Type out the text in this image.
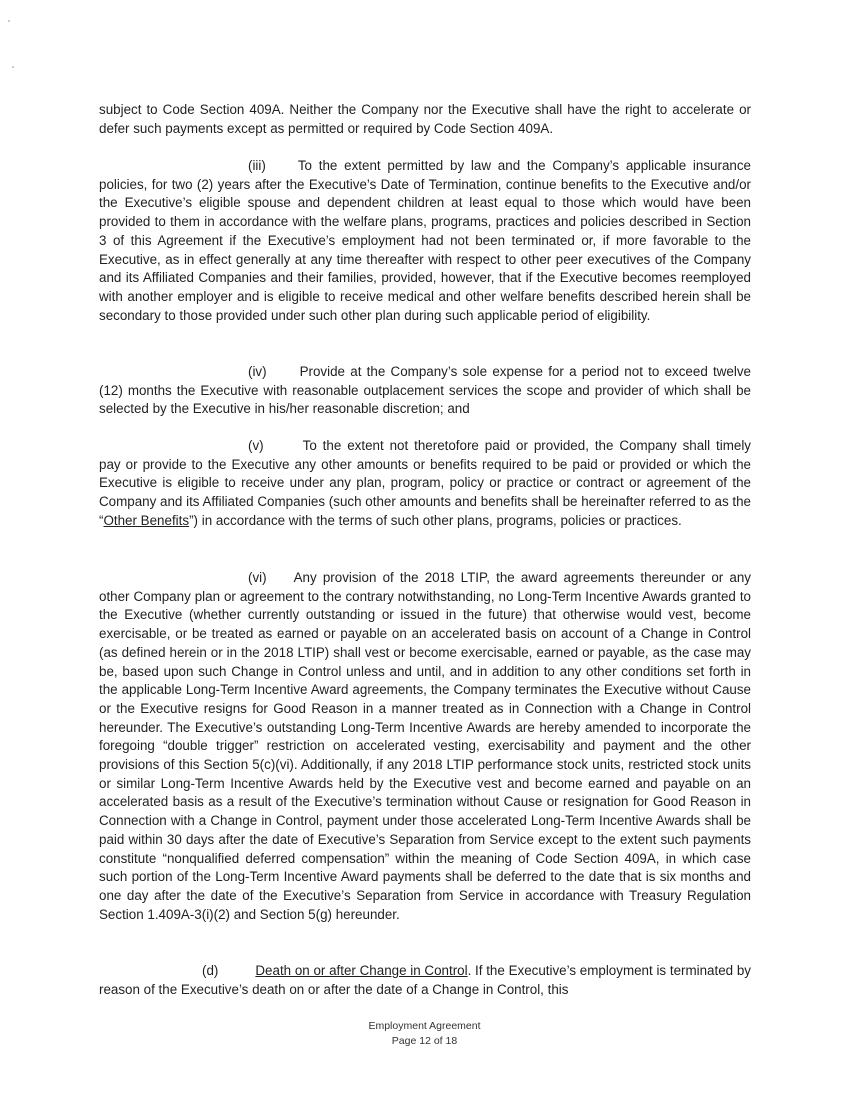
subject to Code Section 409A. Neither the Company nor the Executive shall have the right to accelerate or defer such payments except as permitted or required by Code Section 409A.

(iii) To the extent permitted by law and the Company’s applicable insurance policies, for two (2) years after the Executive’s Date of Termination, continue benefits to the Executive and/or the Executive’s eligible spouse and dependent children at least equal to those which would have been provided to them in accordance with the welfare plans, programs, practices and policies described in Section 3 of this Agreement if the Executive’s employment had not been terminated or, if more favorable to the Executive, as in effect generally at any time thereafter with respect to other peer executives of the Company and its Affiliated Companies and their families, provided, however, that if the Executive becomes reemployed with another employer and is eligible to receive medical and other welfare benefits described herein shall be secondary to those provided under such other plan during such applicable period of eligibility.

(iv) Provide at the Company’s sole expense for a period not to exceed twelve (12) months the Executive with reasonable outplacement services the scope and provider of which shall be selected by the Executive in his/her reasonable discretion; and

(v)	To the extent not theretofore paid or provided, the Company shall timely pay or provide to the Executive any other amounts or benefits required to be paid or provided or which the Executive is eligible to receive under any plan, program, policy or practice or contract or agreement of the Company and its Affiliated Companies (such other amounts and benefits shall be hereinafter referred to as the “Other Benefits”) in accordance with the terms of such other plans, programs, policies or practices.

(vi) Any provision of the 2018 LTIP, the award agreements thereunder or any other Company plan or agreement to the contrary notwithstanding, no Long-Term Incentive Awards granted to the Executive (whether currently outstanding or issued in the future) that otherwise would vest, become exercisable, or be treated as earned or payable on an accelerated basis on account of a Change in Control (as defined herein or in the 2018 LTIP) shall vest or become exercisable, earned or payable, as the case may be, based upon such Change in Control unless and until, and in addition to any other conditions set forth in the applicable Long-Term Incentive Award agreements, the Company terminates the Executive without Cause or the Executive resigns for Good Reason in a manner treated as in Connection with a Change in Control hereunder. The Executive’s outstanding Long-Term Incentive Awards are hereby amended to incorporate the foregoing “double trigger” restriction on accelerated vesting, exercisability and payment and the other provisions of this Section 5(c)(vi). Additionally, if any 2018 LTIP performance stock units, restricted stock units or similar Long-Term Incentive Awards held by the Executive vest and become earned and payable on an accelerated basis as a result of the Executive’s termination without Cause or resignation for Good Reason in Connection with a Change in Control, payment under those accelerated Long-Term Incentive Awards shall be paid within 30 days after the date of Executive’s Separation from Service except to the extent such payments constitute “nonqualified deferred compensation” within the meaning of Code Section 409A, in which case such portion of the Long-Term Incentive Award payments shall be deferred to the date that is six months and one day after the date of the Executive’s Separation from Service in accordance with Treasury Regulation Section 1.409A-3(i)(2) and Section 5(g) hereunder.

(d)	Death on or after Change in Control. If the Executive’s employment is terminated by reason of the Executive’s death on or after the date of a Change in Control, this

Employment Agreement
Page 12 of 18
